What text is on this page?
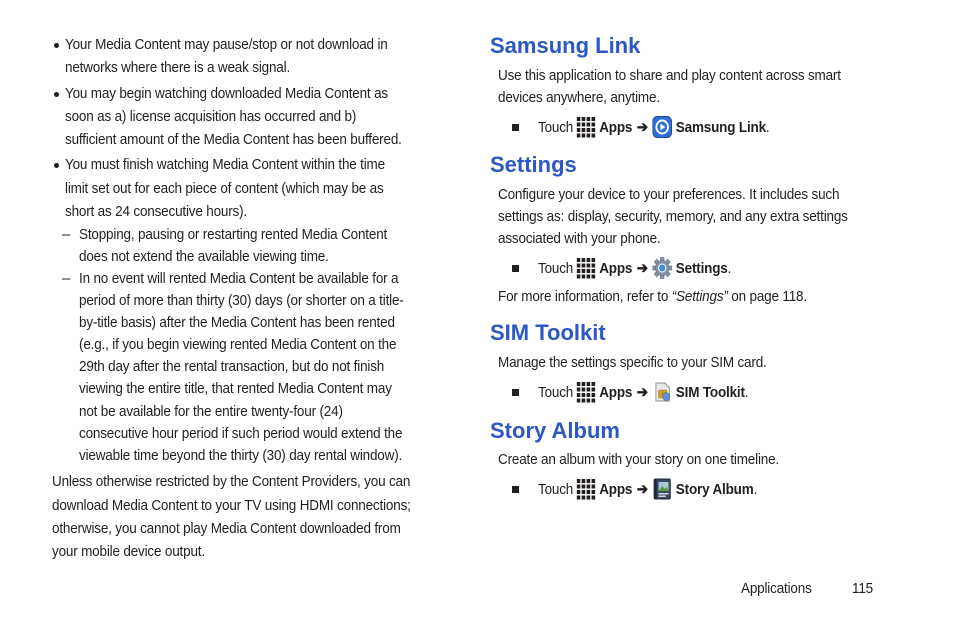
Your Media Content may pause/stop or not download in
networks where there is a weak signal.
You may begin watching downloaded Media Content as
soon as a) license acquisition has occurred and b)
sufficient amount of the Media Content has been buffered.
You must finish watching Media Content within the time
limit set out for each piece of content (which may be as
short as 24 consecutive hours).
– Stopping, pausing or restarting rented Media Content
does not extend the available viewing time.
– In no event will rented Media Content be available for a
period of more than thirty (30) days (or shorter on a title-
by-title basis) after the Media Content has been rented
(e.g., if you begin viewing rented Media Content on the
29th day after the rental transaction, but do not finish
viewing the entire title, that rented Media Content may
not be available for the entire twenty-four (24)
consecutive hour period if such period would extend the
viewable time beyond the thirty (30) day rental window).
Unless otherwise restricted by the Content Providers, you can
download Media Content to your TV using HDMI connections;
otherwise, you cannot play Media Content downloaded from
your mobile device output.
Samsung Link
Use this application to share and play content across smart
devices anywhere, anytime.
Touch Apps ➔ Samsung Link .
Settings
Configure your device to your preferences. It includes such
settings as: display, security, memory, and any extra settings
associated with your phone.
Touch Apps ➔ Settings .
For more information, refer to “Settings” on page 118.
SIM Toolkit
Manage the settings specific to your SIM card.
Touch Apps ➔ SIM Toolkit .
Story Album
Create an album with your story on one timeline.
Touch Apps ➔ Story Album .
Applications	115
